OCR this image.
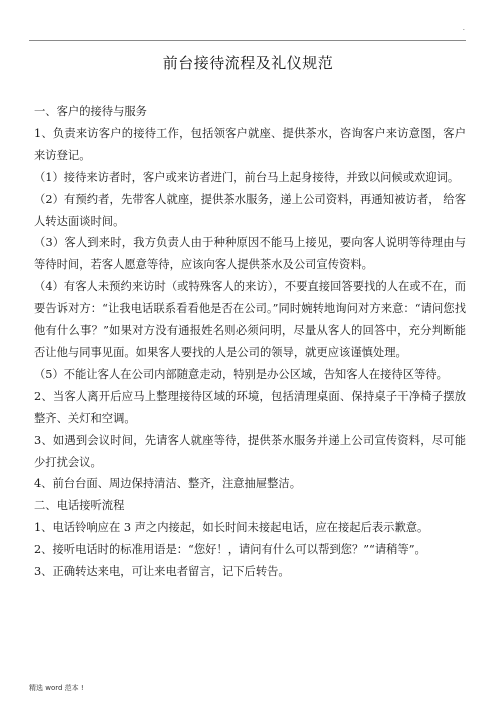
.
前台接待流程及礼仪规范

一、客户的接待与服务

1、负责来访客户的接待工作，包括领客户就座、提供茶水，咨询客户来访意图，客户来访登记。

（1）接待来访者时，客户或来访者进门，前台马上起身接待，并致以问候或欢迎词。

（2）有预约者，先带客人就座，提供茶水服务，递上公司资料，再通知被访者， 给客人转达面谈时间。

（3）客人到来时，我方负责人由于种种原因不能马上接见，要向客人说明等待理由与等待时间，若客人愿意等待，应该向客人提供茶水及公司宣传资料。

（4）有客人未预约来访时（或特殊客人的来访），不要直接回答要找的人在或不在，而要告诉对方：“让我电话联系看看他是否在公司。”同时婉转地询问对方来意：“请问您找他有什么事？”如果对方没有通报姓名则必须问明，尽量从客人的回答中，充分判断能否让他与同事见面。如果客人要找的人是公司的领导，就更应该谨慎处理。

（5）不能让客人在公司内部随意走动，特别是办公区域，告知客人在接待区等待。

2、当客人离开后应马上整理接待区域的环境，包括清理桌面、保持桌子干净椅子摆放整齐、关灯和空调。

3、如遇到会议时间，先请客人就座等待，提供茶水服务并递上公司宣传资料，尽可能少打扰会议。

4、前台台面、周边保持清洁、整齐，注意抽屉整洁。

二、电话接听流程

1、电话铃响应在 3 声之内接起，如长时间未接起电话，应在接起后表示歉意。

2、接听电话时的标准用语是：“您好！，请问有什么可以帮到您？”“请稍等”。

3、正确转达来电，可让来电者留言，记下后转告。

精选 word 范本 !
